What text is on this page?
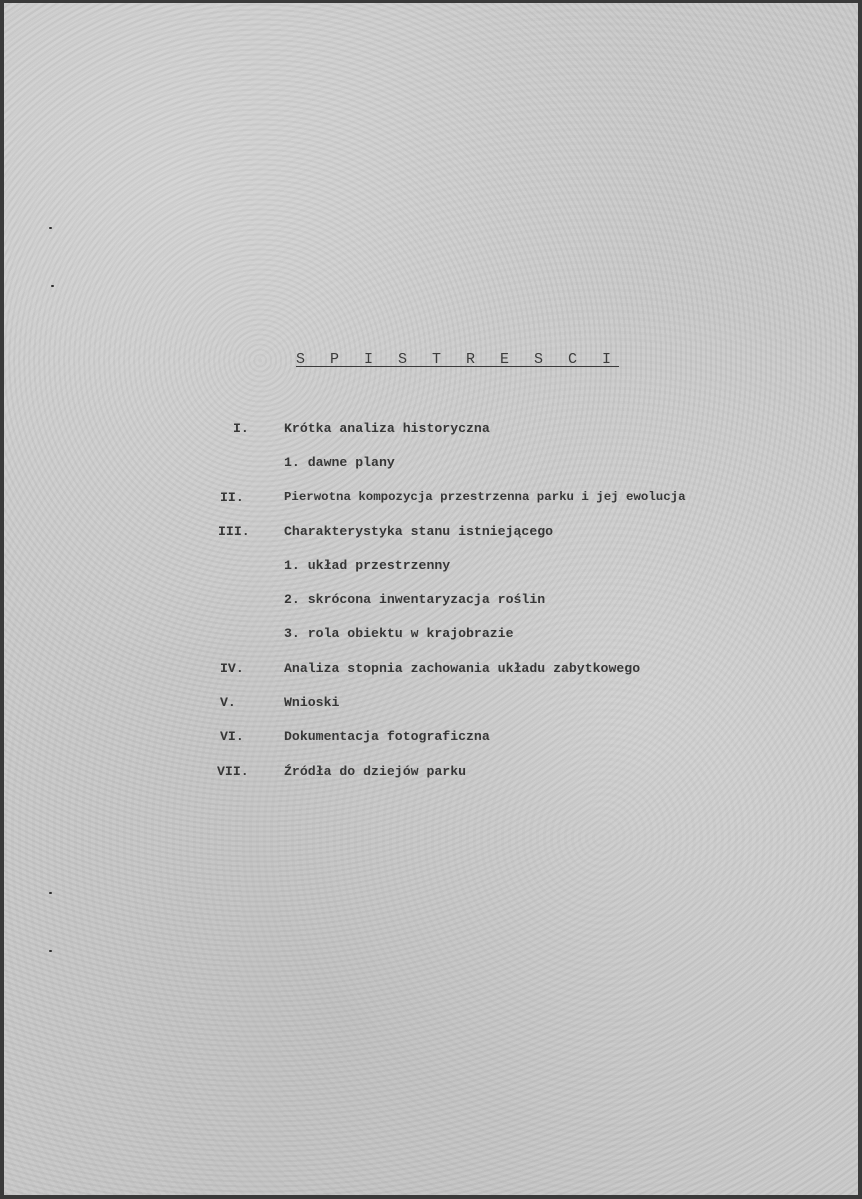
S P I S T R E S C I
I.	Krótka analiza historyczna
1. dawne plany
II.	Pierwotna kompozycja przestrzenna parku i jej ewolucja
III.	Charakterystyka stanu istniejącego
1. układ przestrzenny
2. skrócona inwentaryzacja roślin
3. rola obiektu w krajobrazie
IV.	Analiza stopnia zachowania układu zabytkowego
V.	Wnioski
VI.	Dokumentacja fotograficzna
VII.	Źródła do dziejów parku
